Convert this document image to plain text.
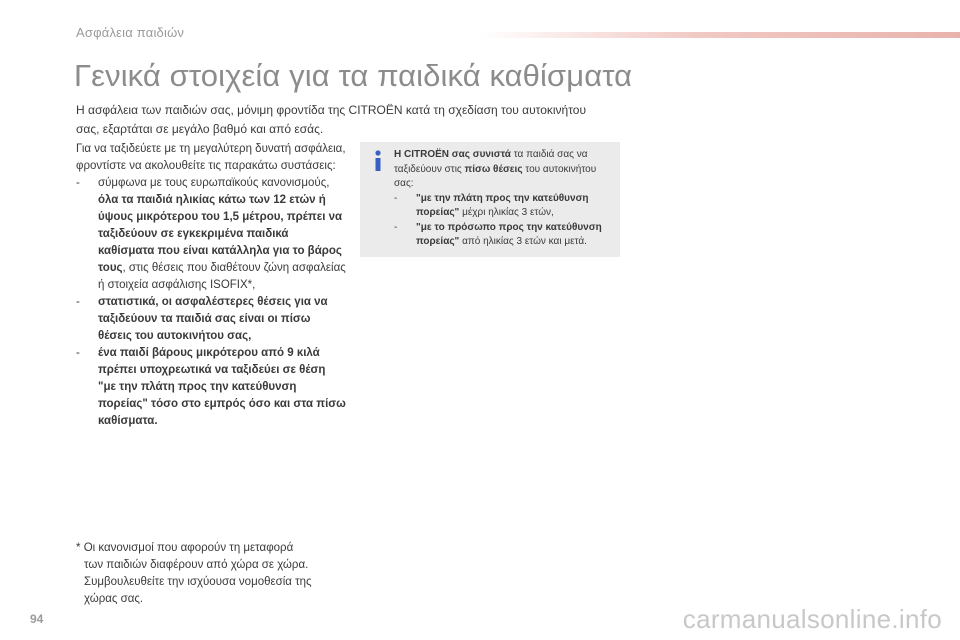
Ασφάλεια παιδιών
Γενικά στοιχεία για τα παιδικά καθίσματα

Η ασφάλεια των παιδιών σας, μόνιμη φροντίδα της CITROËN κατά τη σχεδίαση του αυτοκινήτου
σας, εξαρτάται σε μεγάλο βαθμό και από εσάς.

Για να ταξιδεύετε με τη μεγαλύτερη δυνατή ασφάλεια, φροντίστε να ακολουθείτε τις παρακάτω συστάσεις:

- σύμφωνα με τους ευρωπαϊκούς κανονισμούς, όλα τα παιδιά ηλικίας κάτω των 12 ετών ή ύψους μικρότερου του 1,5 μέτρου, πρέπει να ταξιδεύουν σε εγκεκριμένα παιδικά καθίσματα που είναι κατάλληλα για το βάρος τους, στις θέσεις που διαθέτουν ζώνη ασφαλείας ή στοιχεία ασφάλισης ISOFIX*,
- στατιστικά, οι ασφαλέστερες θέσεις για να ταξιδεύουν τα παιδιά σας είναι οι πίσω θέσεις του αυτοκινήτου σας,
- ένα παιδί βάρους μικρότερου από 9 κιλά πρέπει υποχρεωτικά να ταξιδεύει σε θέση "με την πλάτη προς την κατεύθυνση πορείας" τόσο στο εμπρός όσο και στα πίσω καθίσματα.

Η CITROËN σας συνιστά τα παιδιά σας να ταξιδεύουν στις πίσω θέσεις του αυτοκινήτου σας:

- "με την πλάτη προς την κατεύθυνση πορείας" μέχρι ηλικίας 3 ετών,
- "με το πρόσωπο προς την κατεύθυνση πορείας" από ηλικίας 3 ετών και μετά.
* Οι κανονισμοί που αφορούν τη μεταφορά
των παιδιών διαφέρουν από χώρα σε χώρα.
Συμβουλευθείτε την ισχύουσα νομοθεσία της
χώρας σας.
94	carmanualsonline.info
